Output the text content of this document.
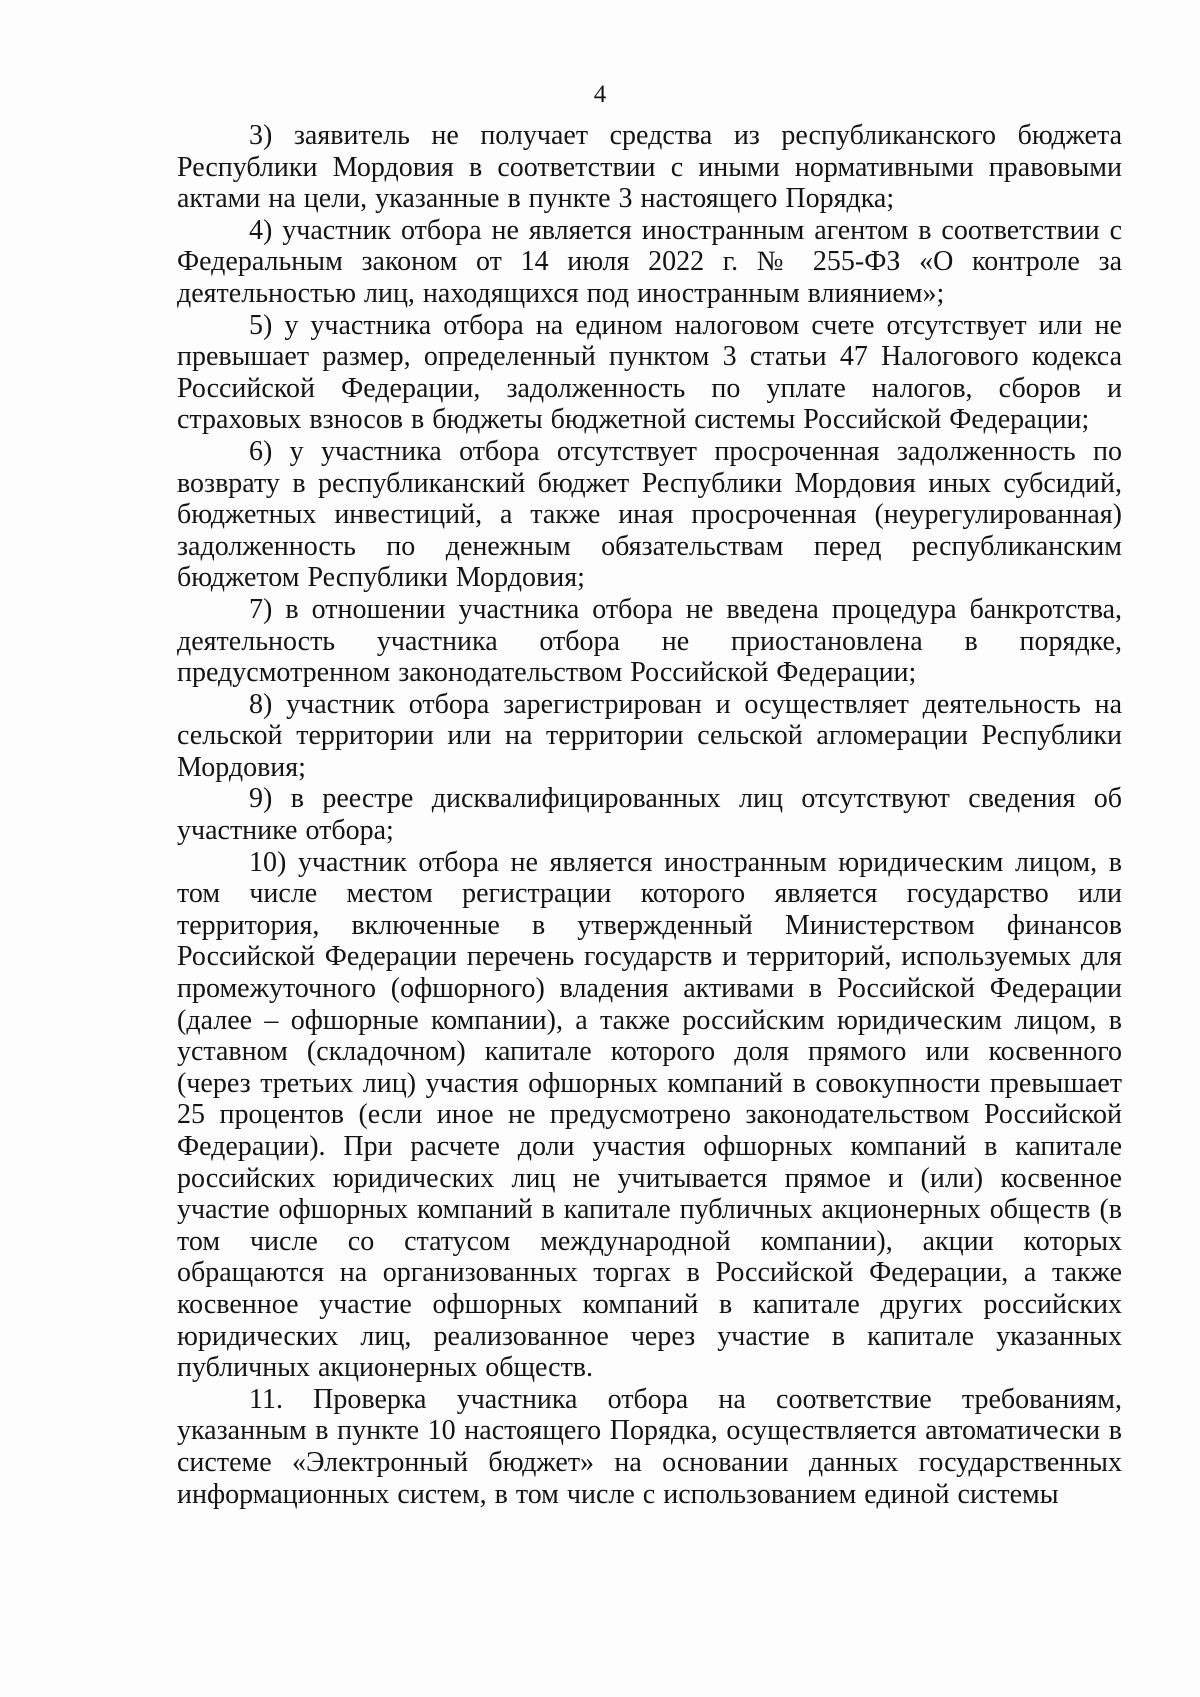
4

3) заявитель не получает средства из республиканского бюджета Республики Мордовия в соответствии с иными нормативными правовыми актами на цели, указанные в пункте 3 настоящего Порядка;

4) участник отбора не является иностранным агентом в соответствии с Федеральным законом от 14 июля 2022 г. № 255-ФЗ «О контроле за деятельностью лиц, находящихся под иностранным влиянием»;

5) у участника отбора на едином налоговом счете отсутствует или не превышает размер, определенный пунктом 3 статьи 47 Налогового кодекса Российской Федерации, задолженность по уплате налогов, сборов и страховых взносов в бюджеты бюджетной системы Российской Федерации;

6) у участника отбора отсутствует просроченная задолженность по возврату в республиканский бюджет Республики Мордовия иных субсидий, бюджетных инвестиций, а также иная просроченная (неурегулированная) задолженность по денежным обязательствам перед республиканским бюджетом Республики Мордовия;

7) в отношении участника отбора не введена процедура банкротства, деятельность участника отбора не приостановлена в порядке, предусмотренном законодательством Российской Федерации;

8) участник отбора зарегистрирован и осуществляет деятельность на сельской территории или на территории сельской агломерации Республики Мордовия;

9) в реестре дисквалифицированных лиц отсутствуют сведения об участнике отбора;

10) участник отбора не является иностранным юридическим лицом, в том числе местом регистрации которого является государство или территория, включенные в утвержденный Министерством финансов Российской Федерации перечень государств и территорий, используемых для промежуточного (офшорного) владения активами в Российской Федерации (далее – офшорные компании), а также российским юридическим лицом, в уставном (складочном) капитале которого доля прямого или косвенного (через третьих лиц) участия офшорных компаний в совокупности превышает 25 процентов (если иное не предусмотрено законодательством Российской Федерации). При расчете доли участия офшорных компаний в капитале российских юридических лиц не учитывается прямое и (или) косвенное участие офшорных компаний в капитале публичных акционерных обществ (в том числе со статусом международной компании), акции которых обращаются на организованных торгах в Российской Федерации, а также косвенное участие офшорных компаний в капитале других российских юридических лиц, реализованное через участие в капитале указанных публичных акционерных обществ.

11. Проверка участника отбора на соответствие требованиям, указанным в пункте 10 настоящего Порядка, осуществляется автоматически в системе «Электронный бюджет» на основании данных государственных информационных систем, в том числе с использованием единой системы
